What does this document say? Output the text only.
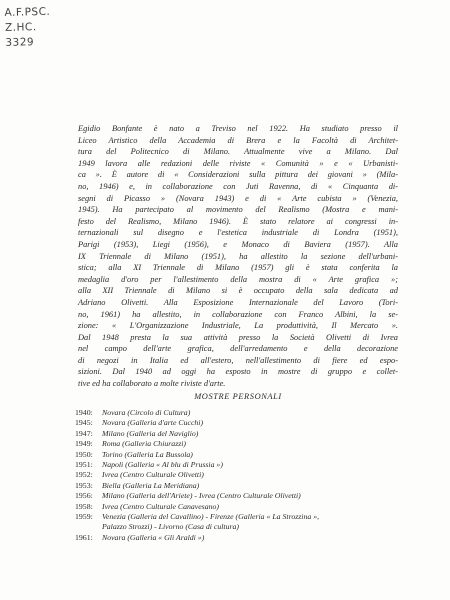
A.F.PSC.
Z.HC.
3329
Egidio Bonfante è nato a Treviso nel 1922. Ha studiato presso il
Liceo Artistico della Accademia di Brera e la Facoltà di Architet-
tura del Politecnico di Milano. Attualmente vive a Milano. Dal
1949 lavora alle redazioni delle riviste « Comunità » e « Urbanisti-
ca ». È autore di « Considerazioni sulla pittura dei giovani » (Mila-
no, 1946) e, in collaborazione con Juti Ravenna, di « Cinquanta di-
segni di Picasso » (Novara 1943) e di « Arte cubista » (Venezia,
1945). Ha partecipato al movimento del Realismo (Mostra e mani-
festo del Realismo, Milano 1946). È stato relatore ai congressi in-
ternazionali sul disegno e l'estetica industriale di Londra (1951),
Parigi (1953), Liegi (1956), e Monaco di Baviera (1957). Alla
IX Triennale di Milano (1951), ha allestito la sezione dell'urbani-
stica; alla XI Triennale di Milano (1957) gli è stata conferita la
medaglia d'oro per l'allestimento della mostra di « Arte grafica »;
alla XII Triennale di Milano si è occupato della sala dedicata ad
Adriano Olivetti. Alla Esposizione Internazionale del Lavoro (Tori-
no, 1961) ha allestito, in collaborazione con Franco Albini, la se-
zione: « L'Organizzazione Industriale, La produttività, Il Mercato ».
Dal 1948 presta la sua attività presso la Società Olivetti di Ivrea
nel campo dell'arte grafica, dell'arredamento e della decorazione
di negozi in Italia ed all'estero, nell'allestimento di fiere ed espo-
sizioni. Dal 1940 ad oggi ha esposto in mostre di gruppo e collet-
tive ed ha collaborato a molte riviste d'arte.
MOSTRE PERSONALI
1940:	Novara (Circolo di Cultura)
1945:	Novara (Galleria d'arte Cucchi)
1947:	Milano (Galleria del Naviglio)
1949:	Roma (Galleria Chiurazzi)
1950:	Torino (Galleria La Bussola)
1951:	Napoli (Galleria « Al blu di Prussia »)
1952:	Ivrea (Centro Culturale Olivetti)
1953:	Biella (Galleria La Meridiana)
1956:	Milano (Galleria dell'Ariete) - Ivrea (Centro Culturale Olivetti)
1958:	Ivrea (Centro Culturale Canavesano)
1959:	Venezia (Galleria del Cavallino) - Firenze (Galleria « La Strozzina »,
Palazzo Strozzi) - Livorno (Casa di cultura)
1961:	Novara (Galleria « Gli Araldi »)
